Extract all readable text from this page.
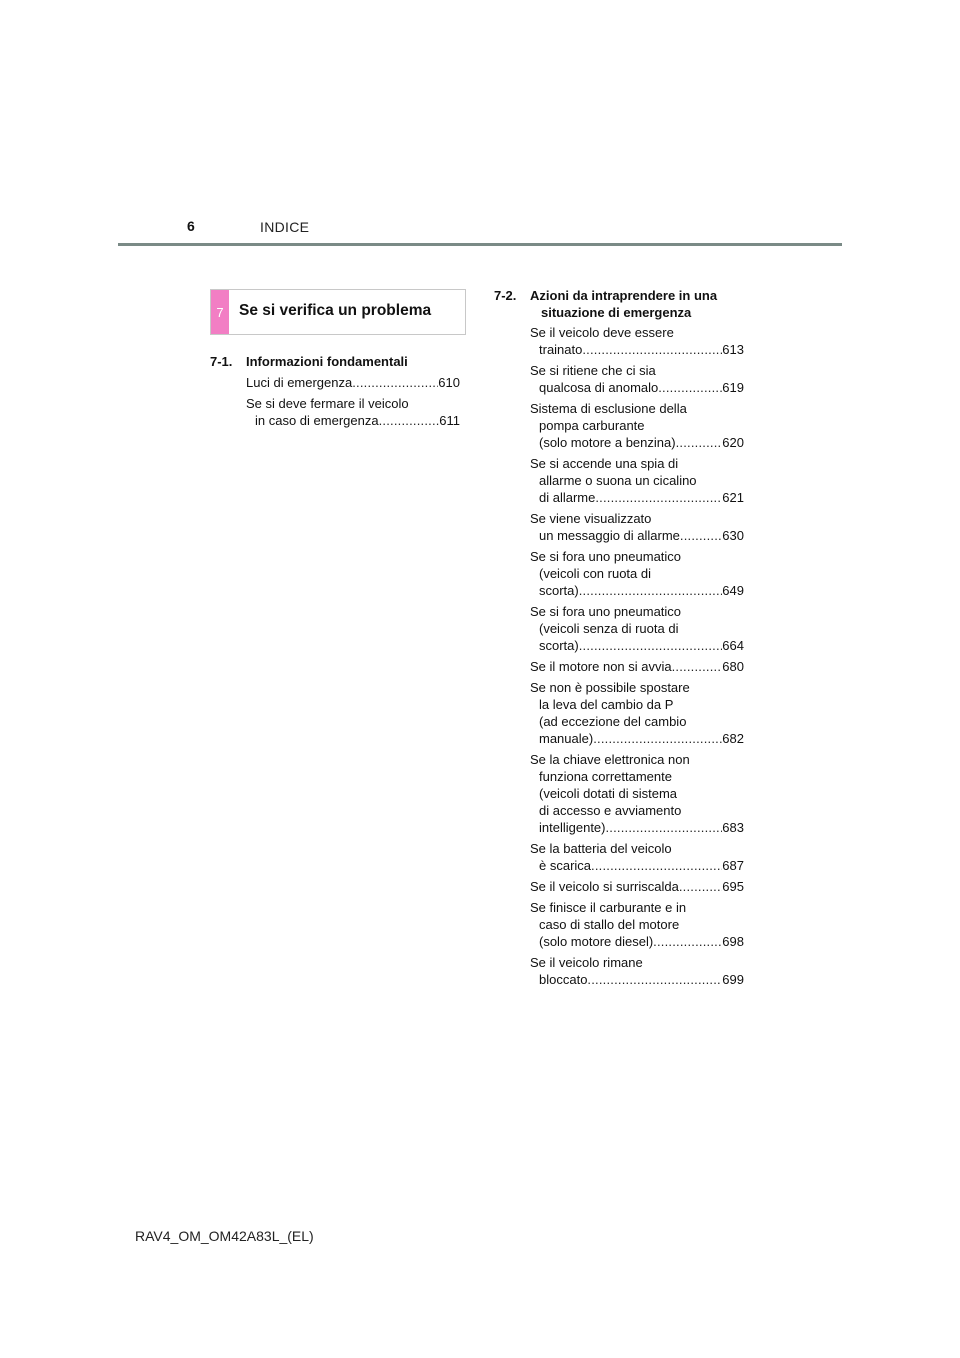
6	INDICE
7 Se si verifica un problema
7-1.	Informazioni fondamentali
Luci di emergenza .....	610
Se si deve fermare il veicolo
in caso di emergenza .....	611
7-2.	Azioni da intraprendere in una
situazione di emergenza
Se il veicolo deve essere
trainato .....	613
Se si ritiene che ci sia
qualcosa di anomalo .....	619
Sistema di esclusione della
pompa carburante
(solo motore a benzina) .....	620
Se si accende una spia di
allarme o suona un cicalino
di allarme .....	621
Se viene visualizzato
un messaggio di allarme .....	630
Se si fora uno pneumatico
(veicoli con ruota di
scorta) .....	649
Se si fora uno pneumatico
(veicoli senza di ruota di
scorta) .....	664
Se il motore non si avvia .....	680
Se non è possibile spostare
la leva del cambio da P
(ad eccezione del cambio
manuale) .....	682
Se la chiave elettronica non
funziona correttamente
(veicoli dotati di sistema
di accesso e avviamento
intelligente) .....	683
Se la batteria del veicolo
è scarica .....	687
Se il veicolo si surriscalda .....	695
Se finisce il carburante e in
caso di stallo del motore
(solo motore diesel) .....	698
Se il veicolo rimane
bloccato .....	699
RAV4_OM_OM42A83L_(EL)
